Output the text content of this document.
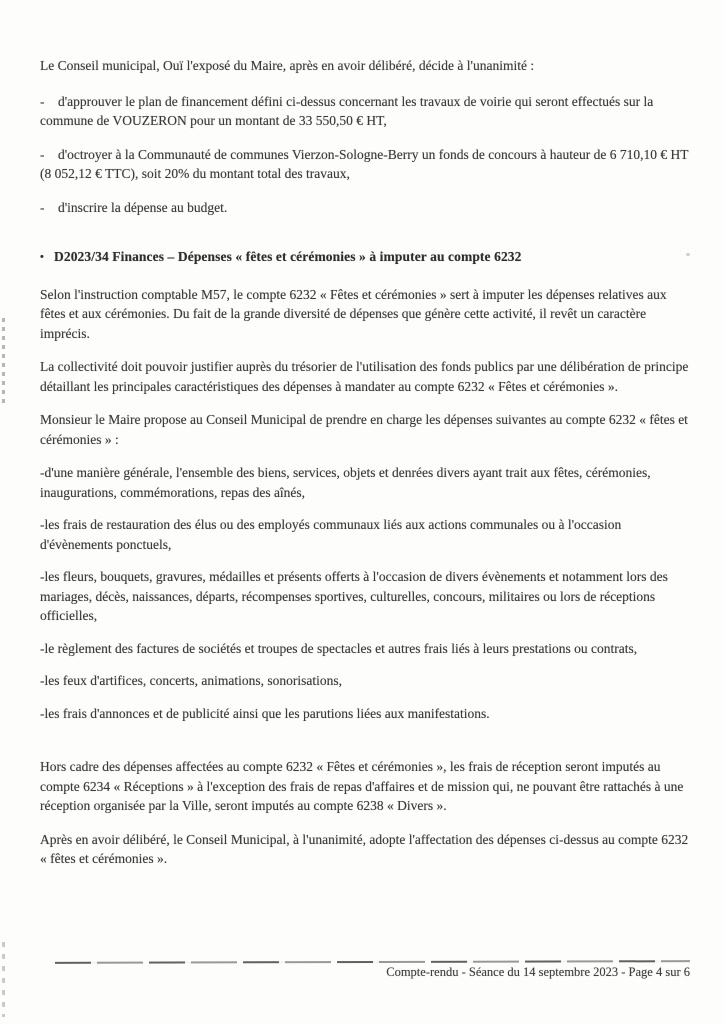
Le Conseil municipal, Ouï l'exposé du Maire, après en avoir délibéré, décide à l'unanimité :

- d'approuver le plan de financement défini ci-dessus concernant les travaux de voirie qui seront effectués sur la commune de VOUZERON pour un montant de 33 550,50 € HT,

- d'octroyer à la Communauté de communes Vierzon-Sologne-Berry un fonds de concours à hauteur de 6 710,10 € HT (8 052,12 € TTC), soit 20% du montant total des travaux,

- d'inscrire la dépense au budget.

• D2023/34 Finances – Dépenses « fêtes et cérémonies » à imputer au compte 6232

Selon l'instruction comptable M57, le compte 6232 « Fêtes et cérémonies » sert à imputer les dépenses relatives aux fêtes et aux cérémonies. Du fait de la grande diversité de dépenses que génère cette activité, il revêt un caractère imprécis.

La collectivité doit pouvoir justifier auprès du trésorier de l'utilisation des fonds publics par une délibération de principe détaillant les principales caractéristiques des dépenses à mandater au compte 6232 « Fêtes et cérémonies ».

Monsieur le Maire propose au Conseil Municipal de prendre en charge les dépenses suivantes au compte 6232 « fêtes et cérémonies » :

-d'une manière générale, l'ensemble des biens, services, objets et denrées divers ayant trait aux fêtes, cérémonies, inaugurations, commémorations, repas des aînés,

-les frais de restauration des élus ou des employés communaux liés aux actions communales ou à l'occasion d'évènements ponctuels,

-les fleurs, bouquets, gravures, médailles et présents offerts à l'occasion de divers évènements et notamment lors des mariages, décès, naissances, départs, récompenses sportives, culturelles, concours, militaires ou lors de réceptions officielles,

-le règlement des factures de sociétés et troupes de spectacles et autres frais liés à leurs prestations ou contrats,

-les feux d'artifices, concerts, animations, sonorisations,

-les frais d'annonces et de publicité ainsi que les parutions liées aux manifestations.

Hors cadre des dépenses affectées au compte 6232 « Fêtes et cérémonies », les frais de réception seront imputés au compte 6234 « Réceptions » à l'exception des frais de repas d'affaires et de mission qui, ne pouvant être rattachés à une réception organisée par la Ville, seront imputés au compte 6238 « Divers ».

Après en avoir délibéré, le Conseil Municipal, à l'unanimité, adopte l'affectation des dépenses ci-dessus au compte 6232 « fêtes et cérémonies ».

Compte-rendu - Séance du 14 septembre 2023 - Page 4 sur 6
